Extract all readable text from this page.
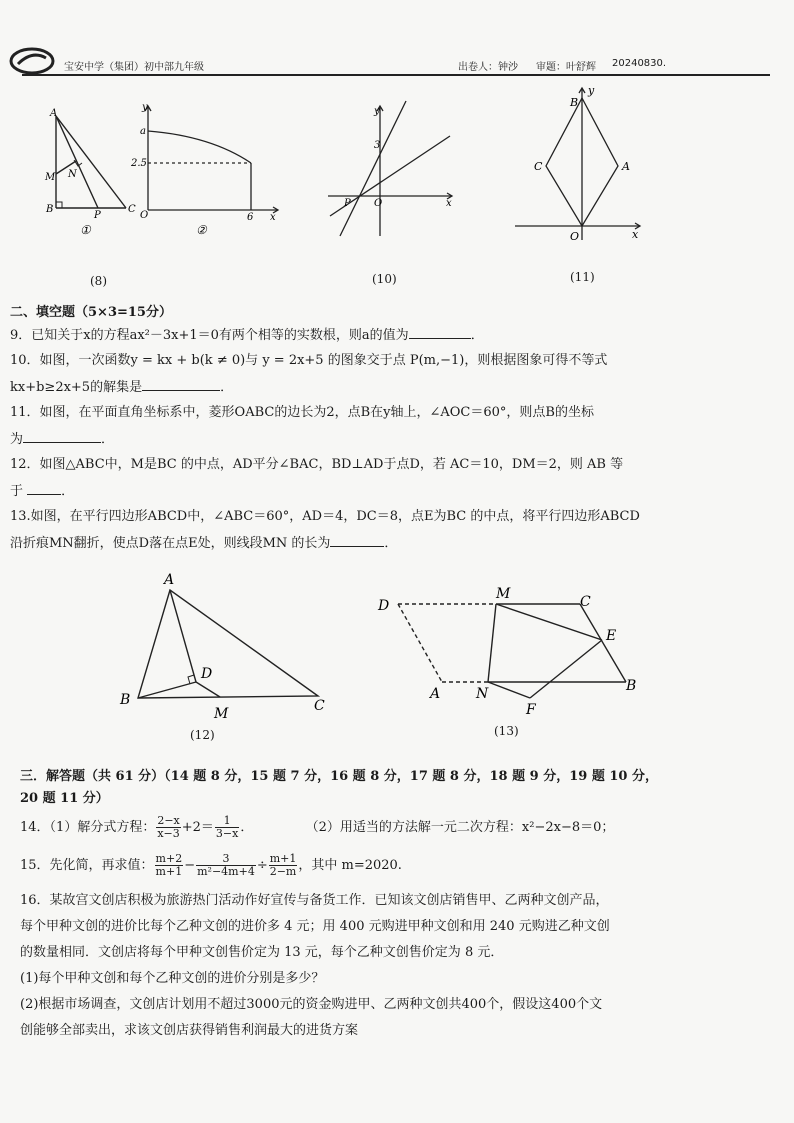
宝安中学（集团）初中部九年级	出卷人：钟沙 审题：叶舒辉 20240830.
A
M N
B
P
C
①
y
a
2.5
O	6 x
②
(8)
y
3
P O	x
(10)
B
y
C	A
O	x
(11)
二、填空题（5×3=15分）
9．已知关于x的方程ax²－3x+1＝0有两个相等的实数根，则a的值为	．
10．如图，一次函数y = kx + b(k ≠ 0)与 y = 2x+5 的图象交于点 P(m,−1)，则根据图象可得不等式
kx+b≥2x+5的解集是	．
11．如图，在平面直角坐标系中，菱形OABC的边长为2，点B在y轴上，∠AOC＝60°，则点B的坐标
为	．
12．如图△ABC中，M是BC 的中点，AD平分∠BAC，BD⊥AD于点D，若 AC＝10，DM＝2，则 AB 等
于	．
13.如图，在平行四边形ABCD中，∠ABC＝60°，AD＝4，DC＝8，点E为BC 的中点，将平行四边形ABCD
沿折痕MN翻折，使点D落在点E处，则线段MN 的长为	．
A
D
B
M	C
(12)
D
M	C
E
A	N	B
F
(13)
三．解答题（共 61 分）（14 题 8 分，15 题 7 分，16 题 8 分，17 题 8 分，18 题 9 分，19 题 10 分，
20 题 11 分）
14．（1）解分式方程： $\frac{2-x}{x-3} +2= \frac{1}{3-x}$ ．	（2）用适当的方法解一元二次方程：x²−2x−8＝0；
15．先化简，再求值： $\frac{m+2}{m+1} - \frac{3}{\text{m²−4m+4}} \div \frac{m+1}{2-m}$ ，其中 m=2020.
16．某故宫文创店积极为旅游热门活动作好宣传与备货工作．已知该文创店销售甲、乙两种文创产品，
每个甲种文创的进价比每个乙种文创的进价多 4 元；用 400 元购进甲种文创和用 240 元购进乙种文创
的数量相同．文创店将每个甲种文创售价定为 13 元，每个乙种文创售价定为 8 元．
(1)每个甲种文创和每个乙种文创的进价分别是多少？
(2)根据市场调查，文创店计划用不超过3000元的资金购进甲、乙两种文创共400个，假设这400个文
创能够全部卖出，求该文创店获得销售利润最大的进货方案
